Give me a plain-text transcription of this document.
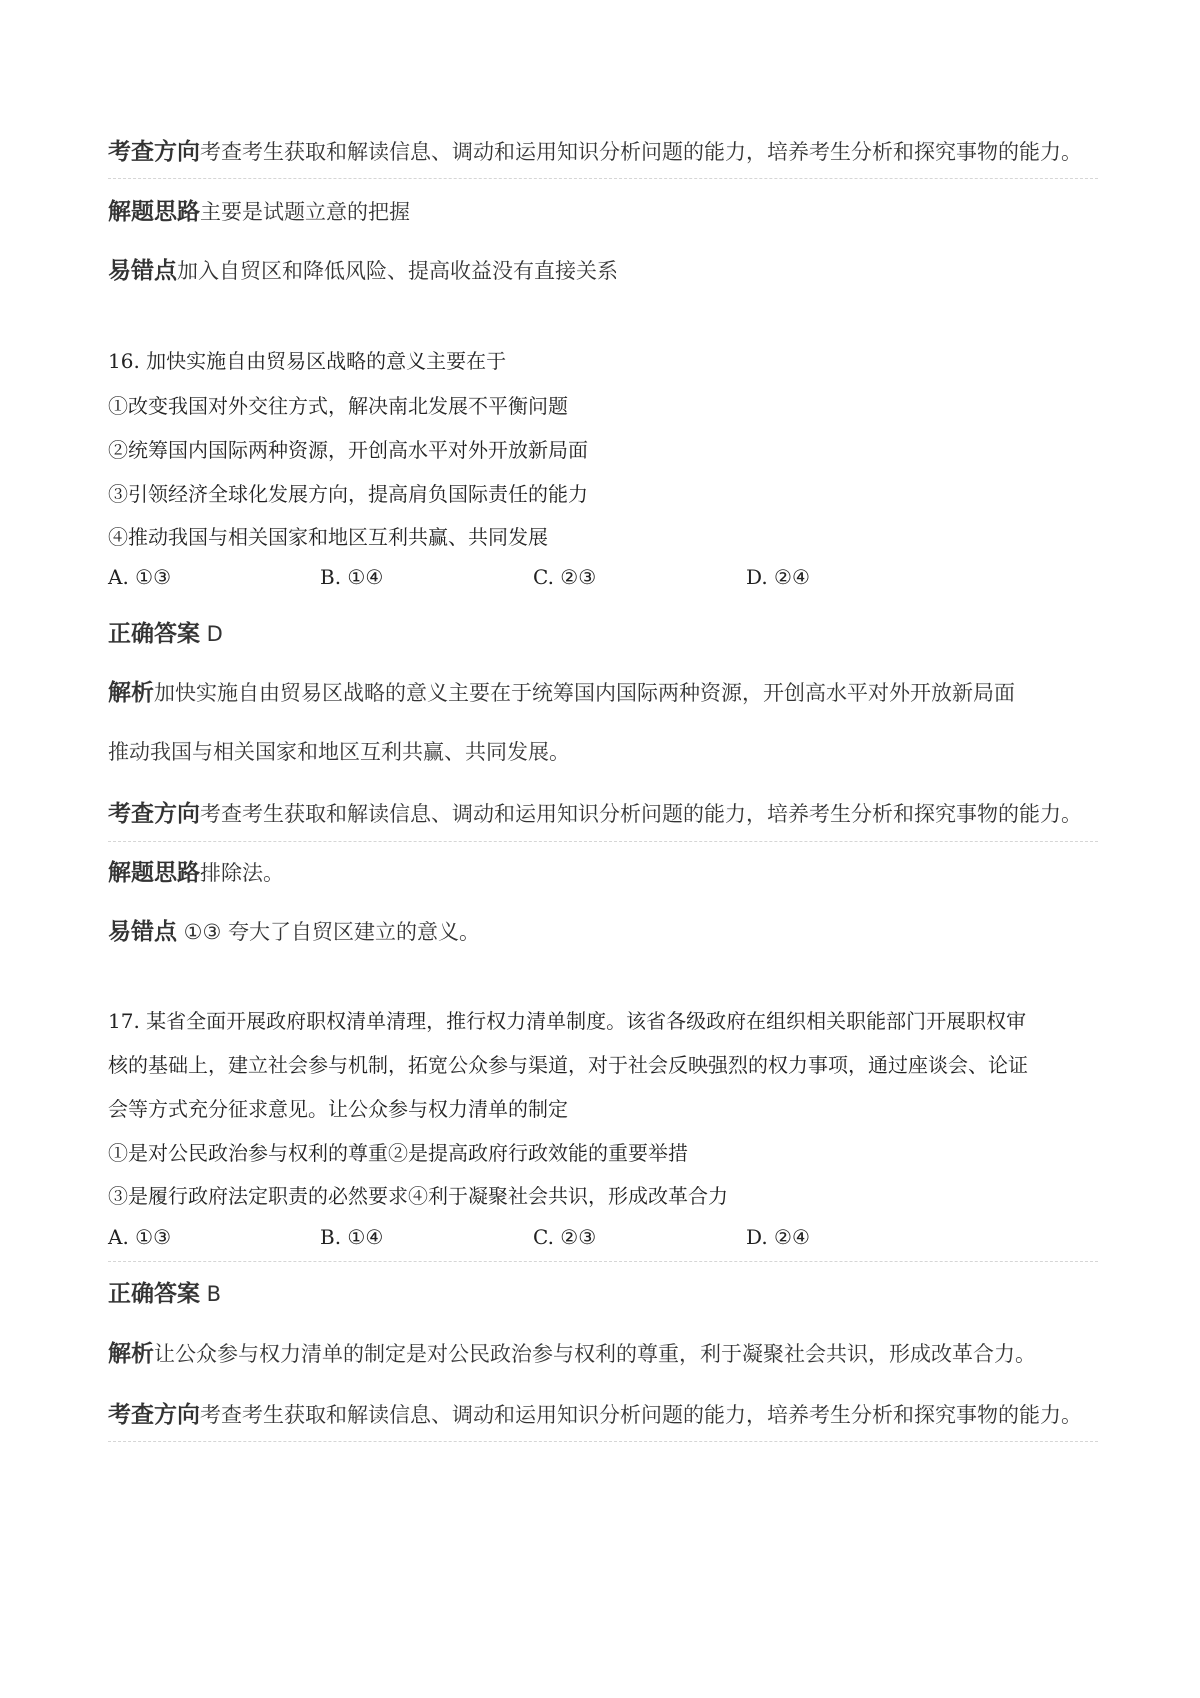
考查方向考查考生获取和解读信息、调动和运用知识分析问题的能力，培养考生分析和探究事物的能力。
解题思路主要是试题立意的把握
易错点加入自贸区和降低风险、提高收益没有直接关系
16. 加快实施自由贸易区战略的意义主要在于
①改变我国对外交往方式，解决南北发展不平衡问题
②统筹国内国际两种资源，开创高水平对外开放新局面
③引领经济全球化发展方向，提高肩负国际责任的能力
④推动我国与相关国家和地区互利共赢、共同发展
A. ①③	B. ①④	C. ②③	D. ②④
正确答案 D
解析加快实施自由贸易区战略的意义主要在于统筹国内国际两种资源，开创高水平对外开放新局面
推动我国与相关国家和地区互利共赢、共同发展。
考查方向考查考生获取和解读信息、调动和运用知识分析问题的能力，培养考生分析和探究事物的能力。
解题思路排除法。
易错点 ①③ 夸大了自贸区建立的意义。
17. 某省全面开展政府职权清单清理，推行权力清单制度。该省各级政府在组织相关职能部门开展职权审
核的基础上，建立社会参与机制，拓宽公众参与渠道，对于社会反映强烈的权力事项，通过座谈会、论证
会等方式充分征求意见。让公众参与权力清单的制定
①是对公民政治参与权利的尊重②是提高政府行政效能的重要举措
③是履行政府法定职责的必然要求④利于凝聚社会共识，形成改革合力
A. ①③	B. ①④	C. ②③	D. ②④
正确答案 B
解析让公众参与权力清单的制定是对公民政治参与权利的尊重，利于凝聚社会共识，形成改革合力。
考查方向考查考生获取和解读信息、调动和运用知识分析问题的能力，培养考生分析和探究事物的能力。
